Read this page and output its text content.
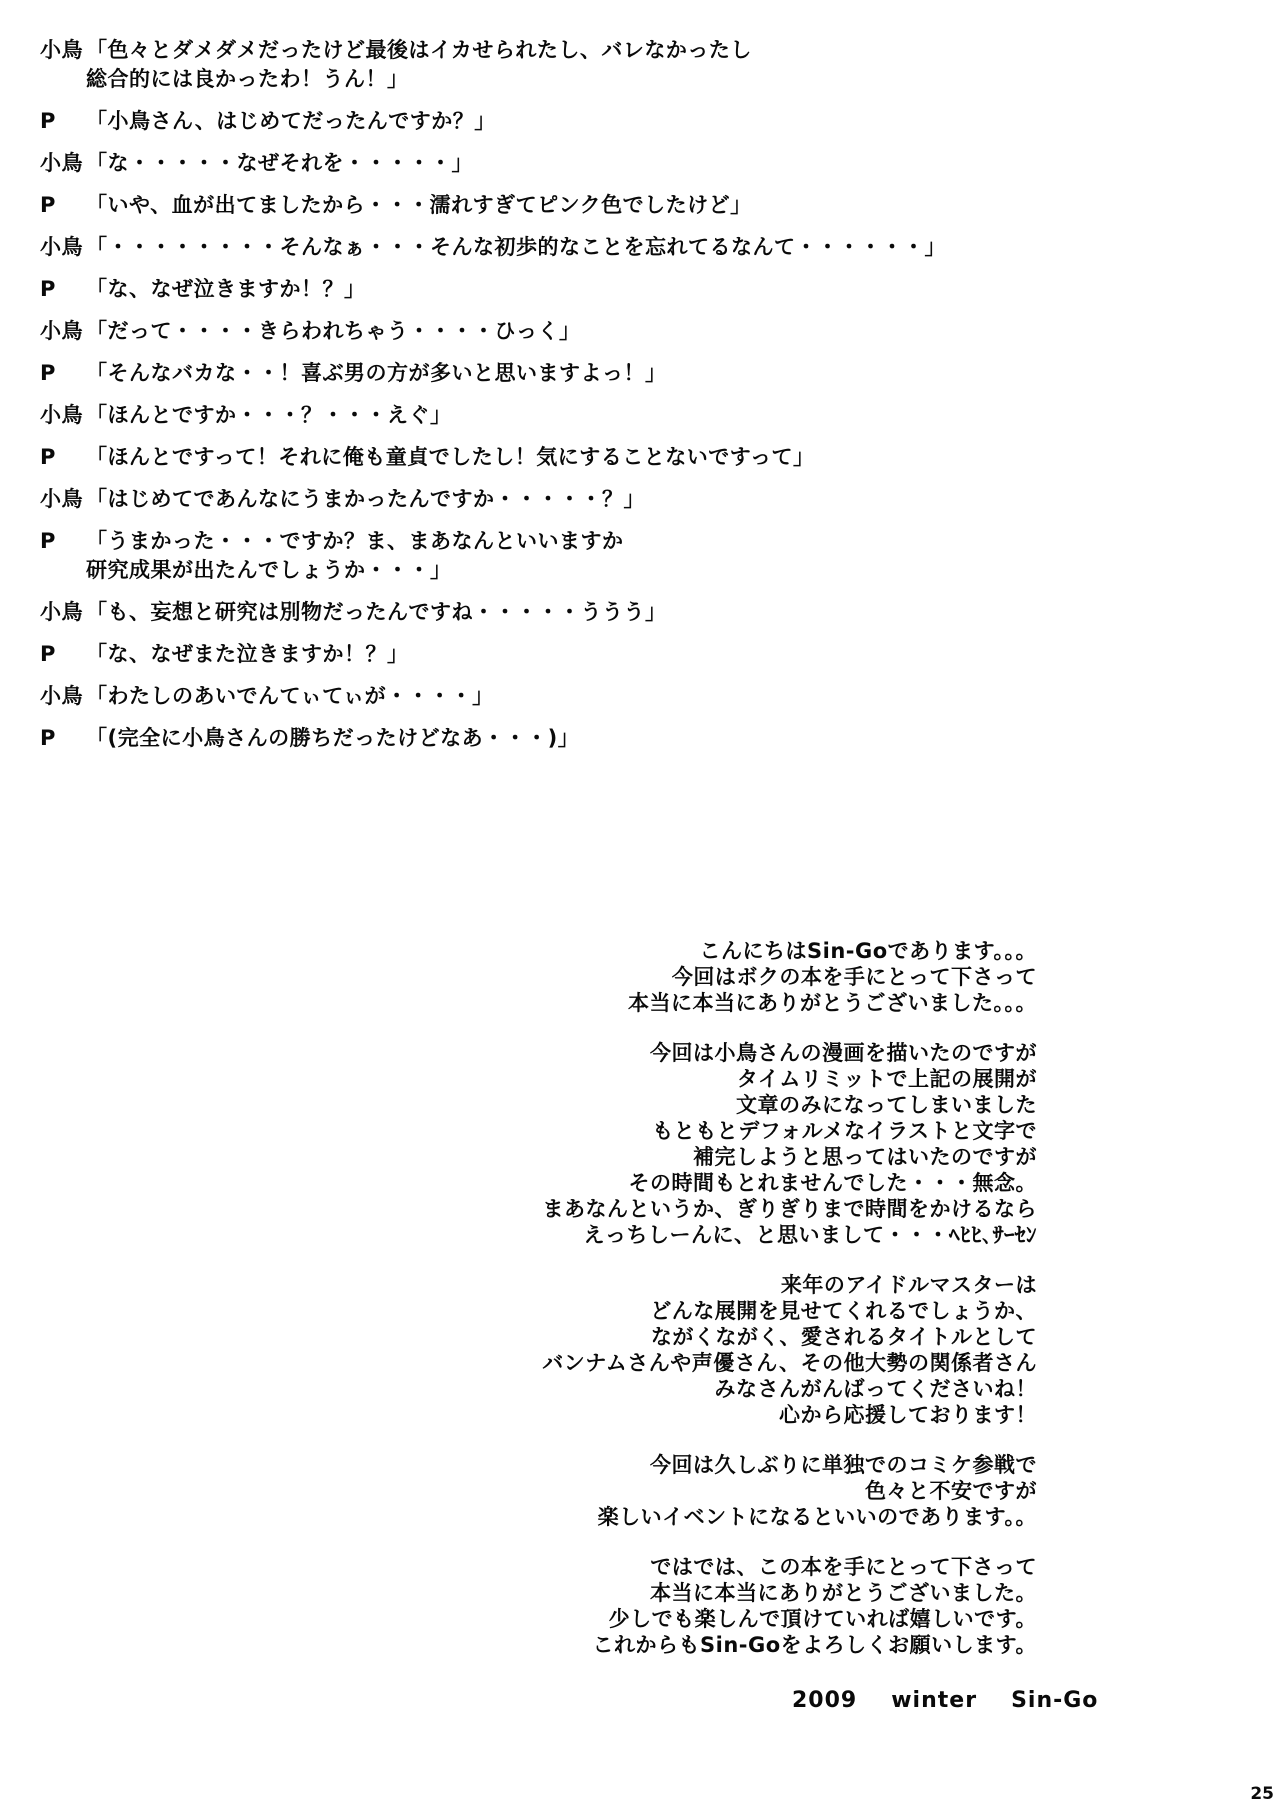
小鳥 「色々とダメダメだったけど最後はイカせられたし、バレなかったし
総合的には良かったわ！うん！」
P	「小鳥さん、はじめてだったんですか？」
小鳥 「な・・・・・なぜそれを・・・・・」
P	「いや、血が出てましたから・・・濡れすぎてピンク色でしたけど」
小鳥 「・・・・・・・・そんなぁ・・・そんな初歩的なことを忘れてるなんて・・・・・・」
P	「な、なぜ泣きますか！？」
小鳥 「だって・・・・きらわれちゃう・・・・ひっく」
P	「そんなバカな・・！喜ぶ男の方が多いと思いますよっ！」
小鳥 「ほんとですか・・・？・・・えぐ」
P	「ほんとですって！それに俺も童貞でしたし！気にすることないですって」
小鳥 「はじめてであんなにうまかったんですか・・・・・？」
P	「うまかった・・・ですか？ま、まあなんといいますか
研究成果が出たんでしょうか・・・」
小鳥 「も、妄想と研究は別物だったんですね・・・・・ううう」
P	「な、なぜまた泣きますか！？」
小鳥 「わたしのあいでんてぃてぃが・・・・」
P	「(完全に小鳥さんの勝ちだったけどなあ・・・)」
こんにちはSin-Goであります。。。
今回はボクの本を手にとって下さって
本当に本当にありがとうございました。。。
今回は小鳥さんの漫画を描いたのですが
タイムリミットで上記の展開が
文章のみになってしまいました
もともとデフォルメなイラストと文字で
補完しようと思ってはいたのですが
その時間もとれませんでした・・・無念。
まあなんというか、ぎりぎりまで時間をかけるなら
えっちしーんに、と思いまして・・・ﾍﾋﾋ､ｻｰｾﾝ
来年のアイドルマスターは
どんな展開を見せてくれるでしょうか、
ながくながく、愛されるタイトルとして
バンナムさんや声優さん、その他大勢の関係者さん
みなさんがんばってくださいね！
心から応援しております！
今回は久しぶりに単独でのコミケ参戦で
色々と不安ですが
楽しいイベントになるといいのであります。。
ではでは、この本を手にとって下さって
本当に本当にありがとうございました。
少しでも楽しんで頂けていれば嬉しいです。
これからもSin-Goをよろしくお願いします。
2009 winter Sin-Go
25
